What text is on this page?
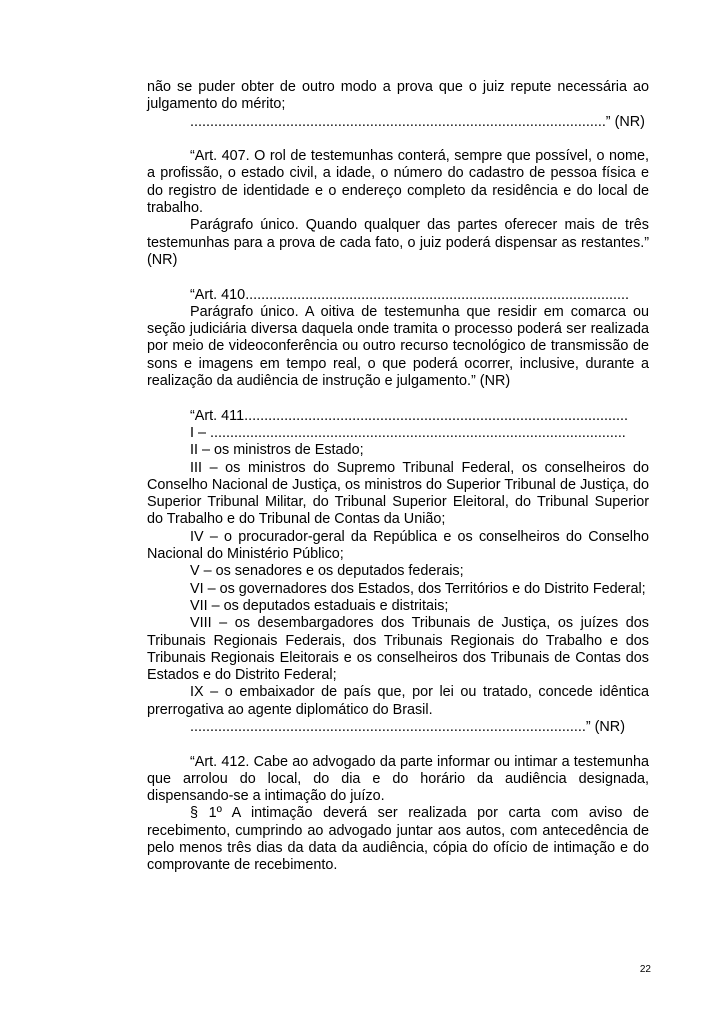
não se puder obter de outro modo a prova que o juiz repute necessária ao julgamento do mérito;

........................................................................................................” (NR)

“Art. 407. O rol de testemunhas conterá, sempre que possível, o nome, a profissão, o estado civil, a idade, o número do cadastro de pessoa física e do registro de identidade e o endereço completo da residência e do local de trabalho.

Parágrafo único. Quando qualquer das partes oferecer mais de três testemunhas para a prova de cada fato, o juiz poderá dispensar as restantes.” (NR)

“Art. 410................................................................................................

Parágrafo único. A oitiva de testemunha que residir em comarca ou seção judiciária diversa daquela onde tramita o processo poderá ser realizada por meio de videoconferência ou outro recurso tecnológico de transmissão de sons e imagens em tempo real, o que poderá ocorrer, inclusive, durante a realização da audiência de instrução e julgamento.” (NR)

“Art. 411................................................................................................

I – ........................................................................................................

II – os ministros de Estado;

III – os ministros do Supremo Tribunal Federal, os conselheiros do Conselho Nacional de Justiça, os ministros do Superior Tribunal de Justiça, do Superior Tribunal Militar, do Tribunal Superior Eleitoral, do Tribunal Superior do Trabalho e do Tribunal de Contas da União;

IV – o procurador-geral da República e os conselheiros do Conselho Nacional do Ministério Público;

V – os senadores e os deputados federais;

VI – os governadores dos Estados, dos Territórios e do Distrito Federal;

VII – os deputados estaduais e distritais;

VIII – os desembargadores dos Tribunais de Justiça, os juízes dos Tribunais Regionais Federais, dos Tribunais Regionais do Trabalho e dos Tribunais Regionais Eleitorais e os conselheiros dos Tribunais de Contas dos Estados e do Distrito Federal;

IX – o embaixador de país que, por lei ou tratado, concede idêntica prerrogativa ao agente diplomático do Brasil.

...................................................................................................” (NR)

“Art. 412. Cabe ao advogado da parte informar ou intimar a testemunha que arrolou do local, do dia e do horário da audiência designada, dispensando-se a intimação do juízo.

§ 1º A intimação deverá ser realizada por carta com aviso de recebimento, cumprindo ao advogado juntar aos autos, com antecedência de pelo menos três dias da data da audiência, cópia do ofício de intimação e do comprovante de recebimento.

22
